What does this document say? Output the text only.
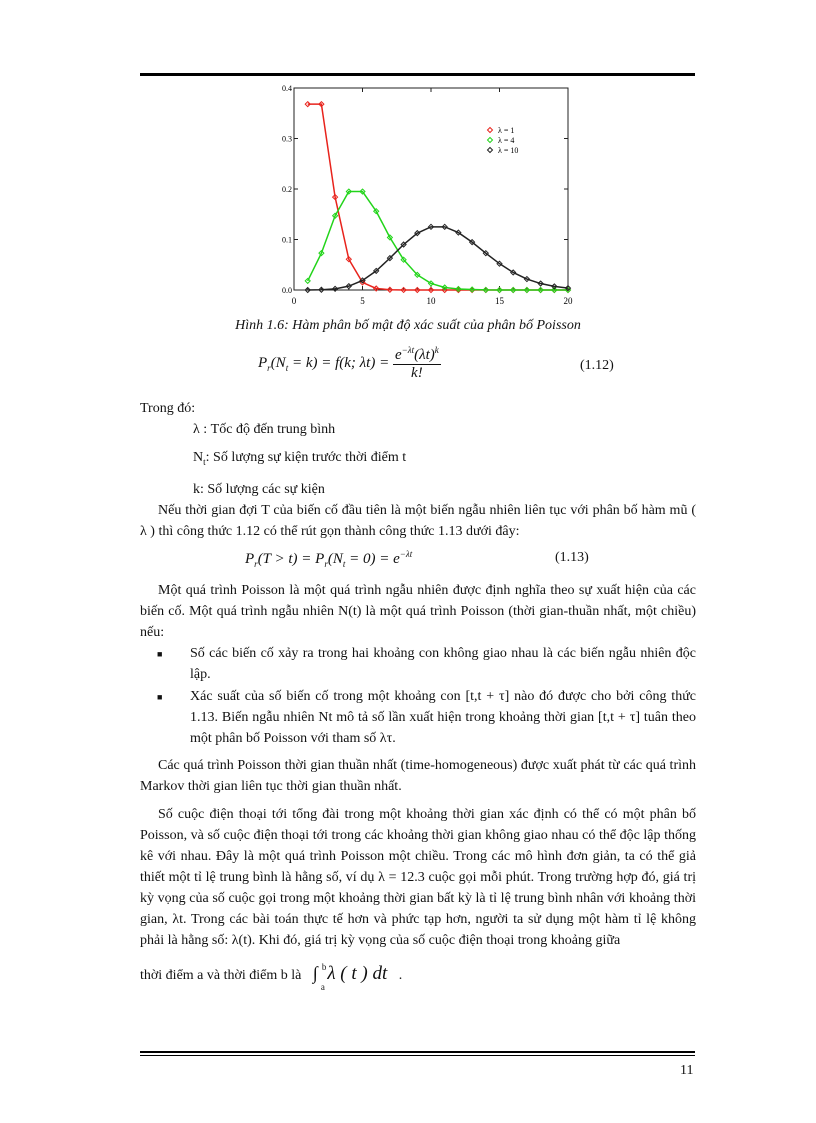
0	5	10	15	20
0.0
0.1
0.2
0.3
0.4
λ = 1
λ = 4
λ = 10
Hình 1.6: Hàm phân bố mật độ xác suất của phân bố Poisson
$P_r(N_t = k) = f(k$; $\lambda t) = \frac{e^{-\lambda t}(\lambda t)^k}{k!}$	(1.12)
Trong đó:
λ : Tốc độ đến trung bình
$N_t$: Số lượng sự kiện trước thời điểm t
k: Số lượng các sự kiện
Nếu thời gian đợi T của biến cố đầu tiên là một biến ngẫu nhiên liên tục với phân bố hàm mũ ( λ ) thì công thức 1.12 có thể rút gọn thành công thức 1.13 dưới đây:
$P_r(T > t) = P_r(N_t = 0) = e^{-\lambda t}$	(1.13)
Một quá trình Poisson là một quá trình ngẫu nhiên được định nghĩa theo sự xuất hiện của các biến cố. Một quá trình ngẫu nhiên N(t) là một quá trình Poisson (thời gian-thuần nhất, một chiều) nếu:
■ Số các biến cố xảy ra trong hai khoảng con không giao nhau là các biến ngẫu nhiên độc lập.
■ Xác suất của số biến cố trong một khoảng con [t,t + τ] nào đó được cho bởi công thức 1.13. Biến ngẫu nhiên Nt mô tả số lần xuất hiện trong khoảng thời gian [t,t + τ] tuân theo một phân bố Poisson với tham số λτ.
Các quá trình Poisson thời gian thuần nhất (time-homogeneous) được xuất phát từ các quá trình Markov thời gian liên tục thời gian thuần nhất.
Số cuộc điện thoại tới tổng đài trong một khoảng thời gian xác định có thể có một phân bố Poisson, và số cuộc điện thoại tới trong các khoảng thời gian không giao nhau có thể độc lập thống kê với nhau. Đây là một quá trình Poisson một chiều. Trong các mô hình đơn giản, ta có thể giả thiết một tỉ lệ trung bình là hằng số, ví dụ λ = 12.3 cuộc gọi mỗi phút. Trong trường hợp đó, giá trị kỳ vọng của số cuộc gọi trong một khoảng thời gian bất kỳ là tỉ lệ trung bình nhân với khoảng thời gian, λt. Trong các bài toán thực tế hơn và phức tạp hơn, người ta sử dụng một hàm tỉ lệ không phải là hằng số: λ(t). Khi đó, giá trị kỳ vọng của số cuộc điện thoại trong khoảng giữa
thời điểm a và thời điểm b là ∫ b
a
λ ( t ) dt .
11
